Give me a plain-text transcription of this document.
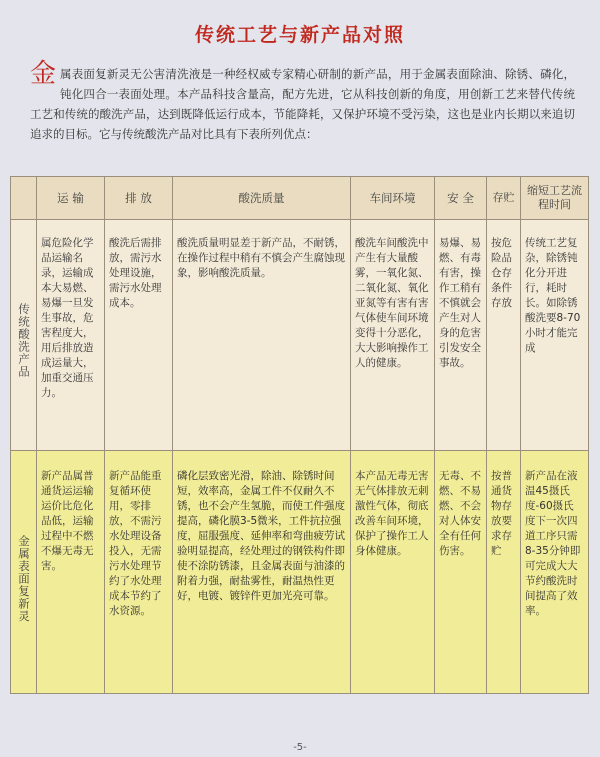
传统工艺与新产品对照
金 属表面复新灵无公害清洗液是一种经权威专家精心研制的新产品，用于金属表面除油、除锈、磷化，钝化四合一表面处理。本产品科技含量高，配方先进，它从科技创新的角度，用创新工艺来替代传统工艺和传统的酸洗产品，达到既降低运行成本，节能降耗，又保护环境不受污染，这也是业内长期以来追切追求的目标。它与传统酸洗产品对比具有下表所列优点：
	运 输	排 放	酸洗质量	车间环境	安 全	存贮	缩短工艺流程时间
传统酸洗产品	属危险化学品运输名录，运输成本大易燃、易爆一旦发生事故，危害程度大，用后排放造成运量大，加重交通压力。	酸洗后需排放，需污水处理设施，需污水处理成本。	酸洗质量明显差于新产品，不耐锈，在操作过程中稍有不慎会产生腐蚀现象，影响酸洗质量。	酸洗车间酸洗中产生有大量酸雾，一氧化氮、二氧化氮、氧化亚氮等有害有害气体使车间环境变得十分恶化，大大影响操作工人的健康。	易爆、易燃、有毒有害，操作工稍有不慎就会产生对人身的危害引发安全事故。	按危险品仓存条件存放	传统工艺复杂，除锈钝化分开进行，耗时长。如除锈酸洗要8-70小时才能完成
金属表面复新灵	新产品属普通货运运输运价比危化品低，运输过程中不燃不爆无毒无害。	新产品能重复循环使用，零排放，不需污水处理设备投入，无需污水处理节约了水处理成本节约了水资源。	磷化层致密光滑，除油、除锈时间短，效率高，金属工件不仅耐久不锈，也不会产生氢脆，而使工件强度提高，磷化膜3-5微米，工件抗拉强度，屈服强度、延伸率和弯曲疲劳试验明显提高，经处理过的钢铁构件即使不涂防锈漆，且金属表面与油漆的附着力强，耐盐雾性，耐温热性更好，电镀、镀锌件更加光亮可靠。	本产品无毒无害无气体排放无刺激性气体，彻底改善车间环境，保护了操作工人身体健康。	无毒、不燃、不易燃、不会对人体安全有任何伤害。	按普通货物存放要求存贮	新产品在液温45摄氏度-60摄氏度下一次四道工序只需8-35分钟即可完成大大节约酸洗时间提高了效率。
-5-
